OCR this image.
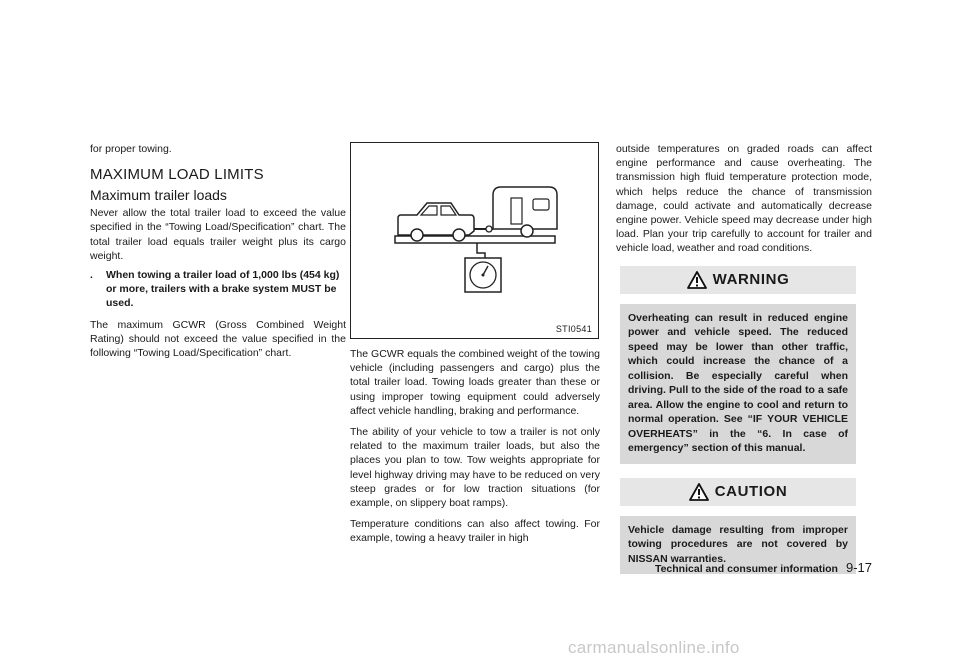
for proper towing.

MAXIMUM LOAD LIMITS
Maximum trailer loads

Never allow the total trailer load to exceed the value specified in the “Towing Load/Specification” chart. The total trailer load equals trailer weight plus its cargo weight.

.	When towing a trailer load of 1,000 lbs (454 kg) or more, trailers with a brake system MUST be used.

The maximum GCWR (Gross Combined Weight Rating) should not exceed the value specified in the following “Towing Load/Specification” chart.

STI0541

The GCWR equals the combined weight of the towing vehicle (including passengers and cargo) plus the total trailer load. Towing loads greater than these or using improper towing equipment could adversely affect vehicle handling, braking and performance.

The ability of your vehicle to tow a trailer is not only related to the maximum trailer loads, but also the places you plan to tow. Tow weights appropriate for level highway driving may have to be reduced on very steep grades or for low traction situations (for example, on slippery boat ramps).

Temperature conditions can also affect towing. For example, towing a heavy trailer in high

outside temperatures on graded roads can affect engine performance and cause overheating. The transmission high fluid temperature protection mode, which helps reduce the chance of transmission damage, could activate and automatically decrease engine power. Vehicle speed may decrease under high load. Plan your trip carefully to account for trailer and vehicle load, weather and road conditions.

WARNING
Overheating can result in reduced engine power and vehicle speed. The reduced speed may be lower than other traffic, which could increase the chance of a collision. Be especially careful when driving. Pull to the side of the road to a safe area. Allow the engine to cool and return to normal operation. See “IF YOUR VEHICLE OVERHEATS” in the “6. In case of emergency” section of this manual.
CAUTION
Vehicle damage resulting from improper towing procedures are not covered by NISSAN warranties.
Technical and consumer information 9-17
carmanualsonline.info
